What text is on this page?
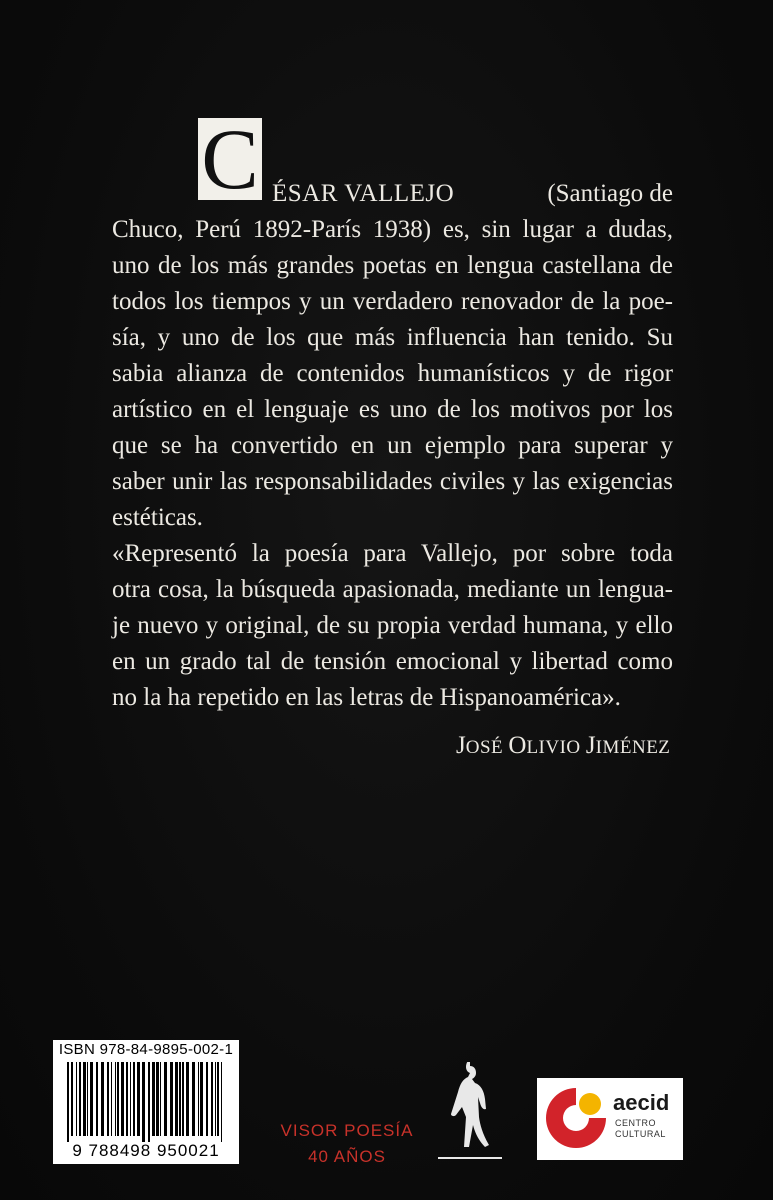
C ÉSAR VALLEJO	(Santiago de
Chuco, Perú 1892-París 1938) es, sin lugar a dudas,
uno de los más grandes poetas en lengua castellana de
todos los tiempos y un verdadero renovador de la poe-
sía, y uno de los que más influencia han tenido. Su
sabia alianza de contenidos humanísticos y de rigor
artístico en el lenguaje es uno de los motivos por los
que se ha convertido en un ejemplo para superar y
saber unir las responsabilidades civiles y las exigencias
estéticas.
«Representó la poesía para Vallejo, por sobre toda
otra cosa, la búsqueda apasionada, mediante un lengua-
je nuevo y original, de su propia verdad humana, y ello
en un grado tal de tensión emocional y libertad como
no la ha repetido en las letras de Hispanoamérica».
JOSÉ OLIVIO JIMÉNEZ
ISBN 978-84-9895-002-1
9 788498 950021
VISOR POESÍA
40 AÑOS
aecid
CENTRO
CULTURAL
